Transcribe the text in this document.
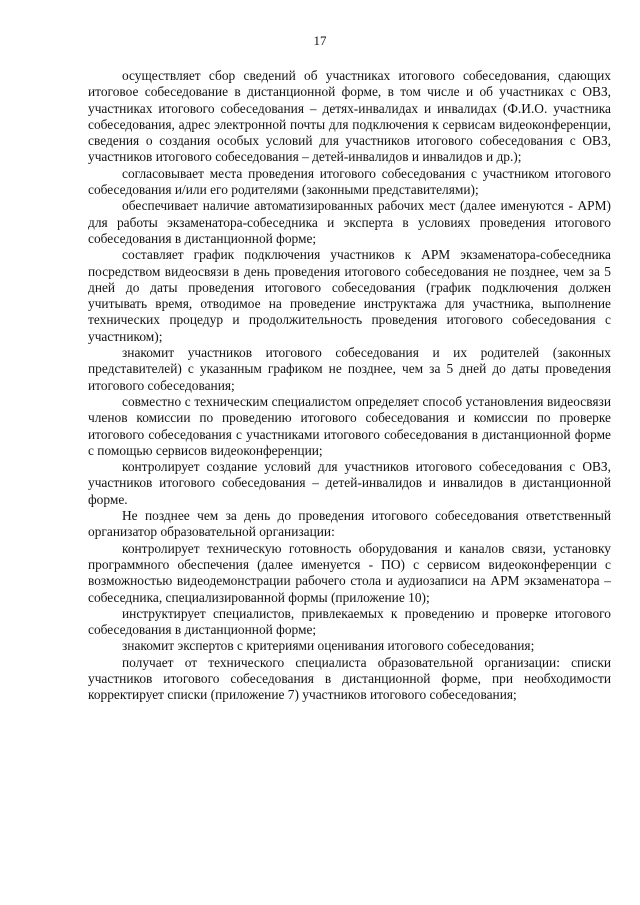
17

осуществляет сбор сведений об участниках итогового собеседования, сдающих итоговое собеседование в дистанционной форме, в том числе и об участниках с ОВЗ, участниках итогового собеседования – детях-инвалидах и инвалидах (Ф.И.О. участника собеседования, адрес электронной почты для подключения к сервисам видеоконференции, сведения о создания особых условий для участников итогового собеседования с ОВЗ, участников итогового собеседования – детей-инвалидов и инвалидов и др.);

согласовывает места проведения итогового собеседования с участником итогового собеседования и/или его родителями (законными представителями);

обеспечивает наличие автоматизированных рабочих мест (далее именуются - АРМ) для работы экзаменатора-собеседника и эксперта в условиях проведения итогового собеседования в дистанционной форме;

составляет график подключения участников к АРМ экзаменатора-собеседника посредством видеосвязи в день проведения итогового собеседования не позднее, чем за 5 дней до даты проведения итогового собеседования (график подключения должен учитывать время, отводимое на проведение инструктажа для участника, выполнение технических процедур и продолжительность проведения итогового собеседования с участником);

знакомит участников итогового собеседования и их родителей (законных представителей) с указанным графиком не позднее, чем за 5 дней до даты проведения итогового собеседования;

совместно с техническим специалистом определяет способ установления видеосвязи членов комиссии по проведению итогового собеседования и комиссии по проверке итогового собеседования с участниками итогового собеседования в дистанционной форме с помощью сервисов видеоконференции;

контролирует создание условий для участников итогового собеседования с ОВЗ, участников итогового собеседования – детей-инвалидов и инвалидов в дистанционной форме.

Не позднее чем за день до проведения итогового собеседования ответственный организатор образовательной организации:

контролирует техническую готовность оборудования и каналов связи, установку программного обеспечения (далее именуется - ПО) с сервисом видеоконференции с возможностью видеодемонстрации рабочего стола и аудиозаписи на АРМ экзаменатора – собеседника, специализированной формы (приложение 10);

инструктирует специалистов, привлекаемых к проведению и проверке итогового собеседования в дистанционной форме;

знакомит экспертов с критериями оценивания итогового собеседования;

получает от технического специалиста образовательной организации: списки участников итогового собеседования в дистанционной форме, при необходимости корректирует списки (приложение 7) участников итогового собеседования;
